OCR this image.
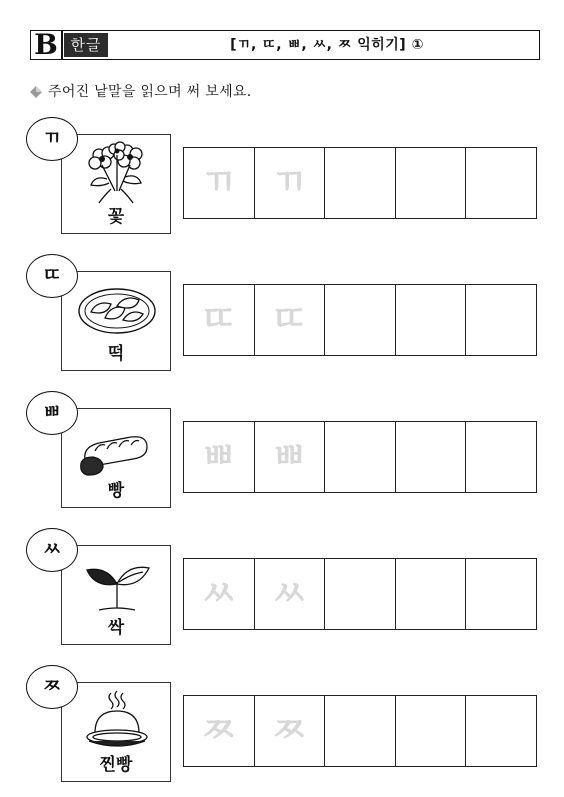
B 한글	[ㄲ, ㄸ, ㅃ, ㅆ, ㅉ 익히기] ①
주어진 낱말을 읽으며 써 보세요.
ㄲ
꽃
ㄲ ㄲ
ㄸ
떡
ㄸ ㄸ
ㅃ
빵
ㅃ ㅃ
ㅆ
싹
ㅆ ㅆ
ㅉ
찐빵
ㅉ ㅉ
